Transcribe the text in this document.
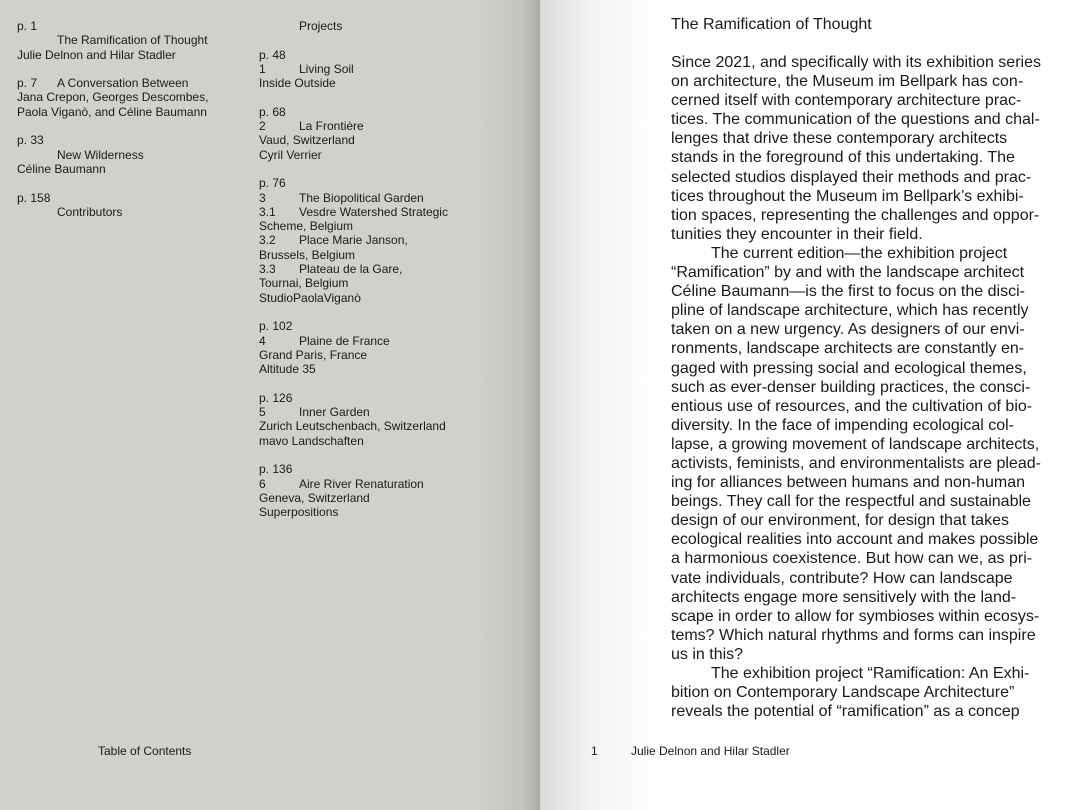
p. 1
The Ramification of Thought
Julie Delnon and Hilar Stadler
p. 7 A Conversation Between
Jana Crepon, Georges Descombes,
Paola Viganò, and Céline Baumann
p. 33
New Wilderness
Céline Baumann
p. 158
Contributors
Projects
p. 48
1	Living Soil
Inside Outside
p. 68
2	La Frontière
Vaud, Switzerland
Cyril Verrier
p. 76
3	The Biopolitical Garden
3.1 Vesdre Watershed Strategic
Scheme, Belgium
3.2 Place Marie Janson,
Brussels, Belgium
3.3 Plateau de la Gare,
Tournai, Belgium
StudioPaolaViganò
p. 102
4	Plaine de France
Grand Paris, France
Altitude 35
p. 126
5	Inner Garden
Zurich Leutschenbach, Switzerland
mavo Landschaften
p. 136
6	Aire River Renaturation
Geneva, Switzerland
Superpositions
Table of Contents
The Ramification of Thought
Since 2021, and specifically with its exhibition series
on architecture, the Museum im Bellpark has con-
cerned itself with contemporary architecture prac-
tices. The communication of the questions and chal-
lenges that drive these contemporary architects
stands in the foreground of this undertaking. The
selected studios displayed their methods and prac-
tices throughout the Museum im Bellpark’s exhibi-
tion spaces, representing the challenges and oppor-
tunities they encounter in their field.
The current edition—the exhibition project
“Ramification” by and with the landscape architect
Céline Baumann—is the first to focus on the disci-
pline of landscape architecture, which has recently
taken on a new urgency. As designers of our envi-
ronments, landscape architects are constantly en-
gaged with pressing social and ecological themes,
such as ever-denser building practices, the consci-
entious use of resources, and the cultivation of bio-
diversity. In the face of impending ecological col-
lapse, a growing movement of landscape architects,
activists, feminists, and environmentalists are plead-
ing for alliances between humans and non-human
beings. They call for the respectful and sustainable
design of our environment, for design that takes
ecological realities into account and makes possible
a harmonious coexistence. But how can we, as pri-
vate individuals, contribute? How can landscape
architects engage more sensitively with the land-
scape in order to allow for symbioses within ecosys-
tems? Which natural rhythms and forms can inspire
us in this?
The exhibition project “Ramification: An Exhi-
bition on Contemporary Landscape Architecture”
reveals the potential of “ramification” as a concep
1	Julie Delnon and Hilar Stadler
